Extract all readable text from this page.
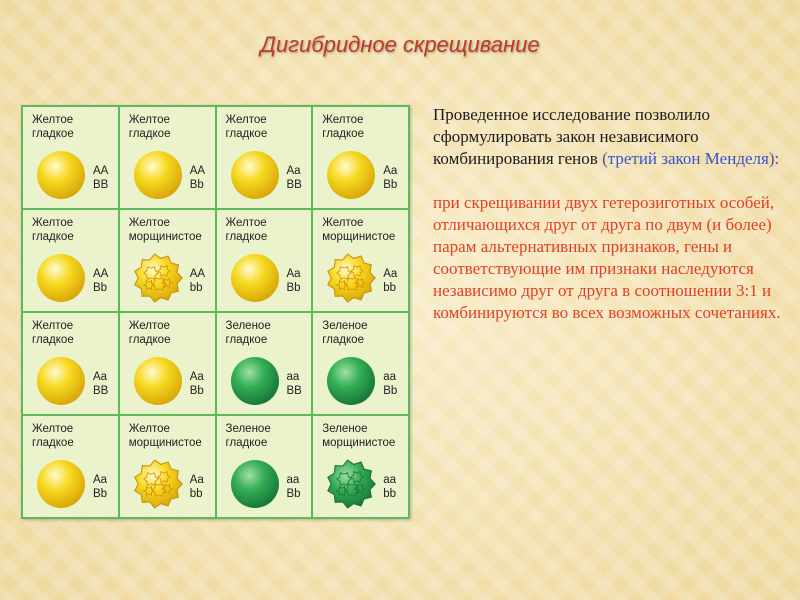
Дигибридное скрещивание
Желтое
гладкое
AA
BB
Желтое
гладкое
AA
Bb
Желтое
гладкое
Aa
BB
Желтое
гладкое
Aa
Bb
Желтое
гладкое
AA
Bb
Желтое
морщинистое
AA
bb
Желтое
гладкое
Aa
Bb
Желтое
морщинистое
Aa
bb
Желтое
гладкое
Aa
BB
Желтое
гладкое
Aa
Bb
Зеленое
гладкое
aa
BB
Зеленое
гладкое
aa
Bb
Желтое
гладкое
Aa
Bb
Желтое
морщинистое
Aa
bb
Зеленое
гладкое
aa
Bb
Зеленое
морщинистое
aa
bb
Проведенное исследование позволило сформулировать закон независимого комбинирования генов (третий закон Менделя):
при скрещивании двух гетерозиготных особей, отличающихся друг от друга по двум (и более) парам альтернативных признаков, гены и соответствующие им признаки наследуются независимо друг от друга в соотношении 3:1 и комбинируются во всех возможных сочетаниях.
